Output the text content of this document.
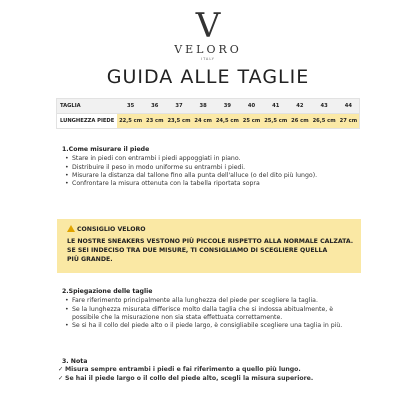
V
VELORO
ITALY
GUIDA ALLE TAGLIE
TAGLIA	35	36	37	38	39	40	41	42	43	44
LUNGHEZZA PIEDE	22,5 cm	23 cm	23,5 cm	24 cm	24,5 cm	25 cm	25,5 cm	26 cm	26,5 cm	27 cm
1.Come misurare il piede
• Stare in piedi con entrambi i piedi appoggiati in piano.
• Distribuire il peso in modo uniforme su entrambi i piedi.
• Misurare la distanza dal tallone fino alla punta dell'alluce (o del dito più lungo).
• Confrontare la misura ottenuta con la tabella riportata sopra
CONSIGLIO VELORO
LE NOSTRE SNEAKERS VESTONO PIÙ PICCOLE RISPETTO ALLA NORMALE CALZATA.
SE SEI INDECISO TRA DUE MISURE, TI CONSIGLIAMO DI SCEGLIERE QUELLA
PIÙ GRANDE.
2.Spiegazione delle taglie
• Fare riferimento principalmente alla lunghezza del piede per scegliere la taglia.
• Se la lunghezza misurata differisce molto dalla taglia che si indossa abitualmente, è possibile che la misurazione non sia stata effettuata correttamente.
• Se si ha il collo del piede alto o il piede largo, è consigliabile scegliere una taglia in più.
3. Nota
✓ Misura sempre entrambi i piedi e fai riferimento a quello più lungo.
✓ Se hai il piede largo o il collo del piede alto, scegli la misura superiore.
